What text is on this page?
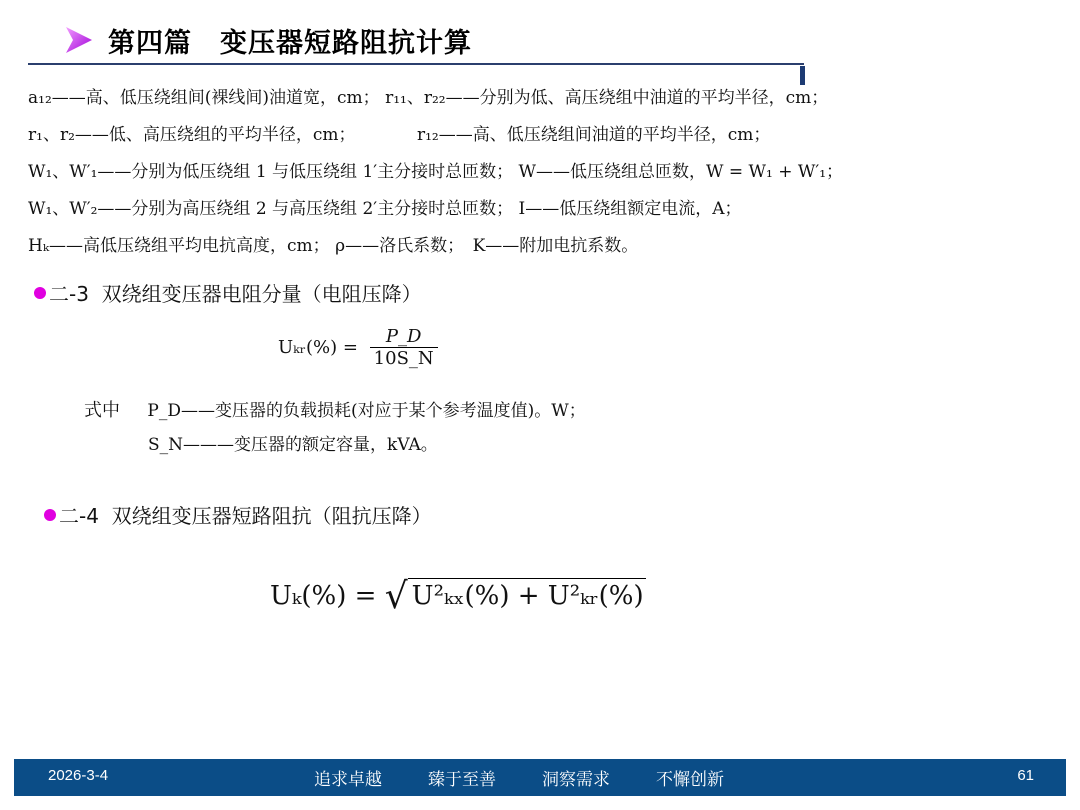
第四篇　变压器短路阻抗计算
a₁₂——高、低压绕组间(裸线间)油道宽，cm； r₁₁、r₂₂——分别为低、高压绕组中油道的平均半径，cm；
r₁、r₂——低、高压绕组的平均半径，cm；	r₁₂——高、低压绕组间油道的平均半径，cm；
W₁、W′₁——分别为低压绕组 1 与低压绕组 1′主分接时总匝数； W——低压绕组总匝数，W = W₁ + W′₁；
W₁、W′₂——分别为高压绕组 2 与高压绕组 2′主分接时总匝数； I——低压绕组额定电流，A；
Hₖ——高低压绕组平均电抗高度，cm； ρ——洛氏系数；　K——附加电抗系数。
二-3  双绕组变压器电阻分量（电阻压降）
Uₖᵣ(%) = $\frac{P\_D}{10S\_N}$
式中 P_D——变压器的负载损耗(对应于某个参考温度值)。W；
S_N———变压器的额定容量，kVA。
二-4  双绕组变压器短路阻抗（阻抗压降）
Uₖ(%) = √ U²ₖₓ(%) + U²ₖᵣ(%)
2026-3-4	追求卓越	臻于至善	洞察需求	不懈创新	61
